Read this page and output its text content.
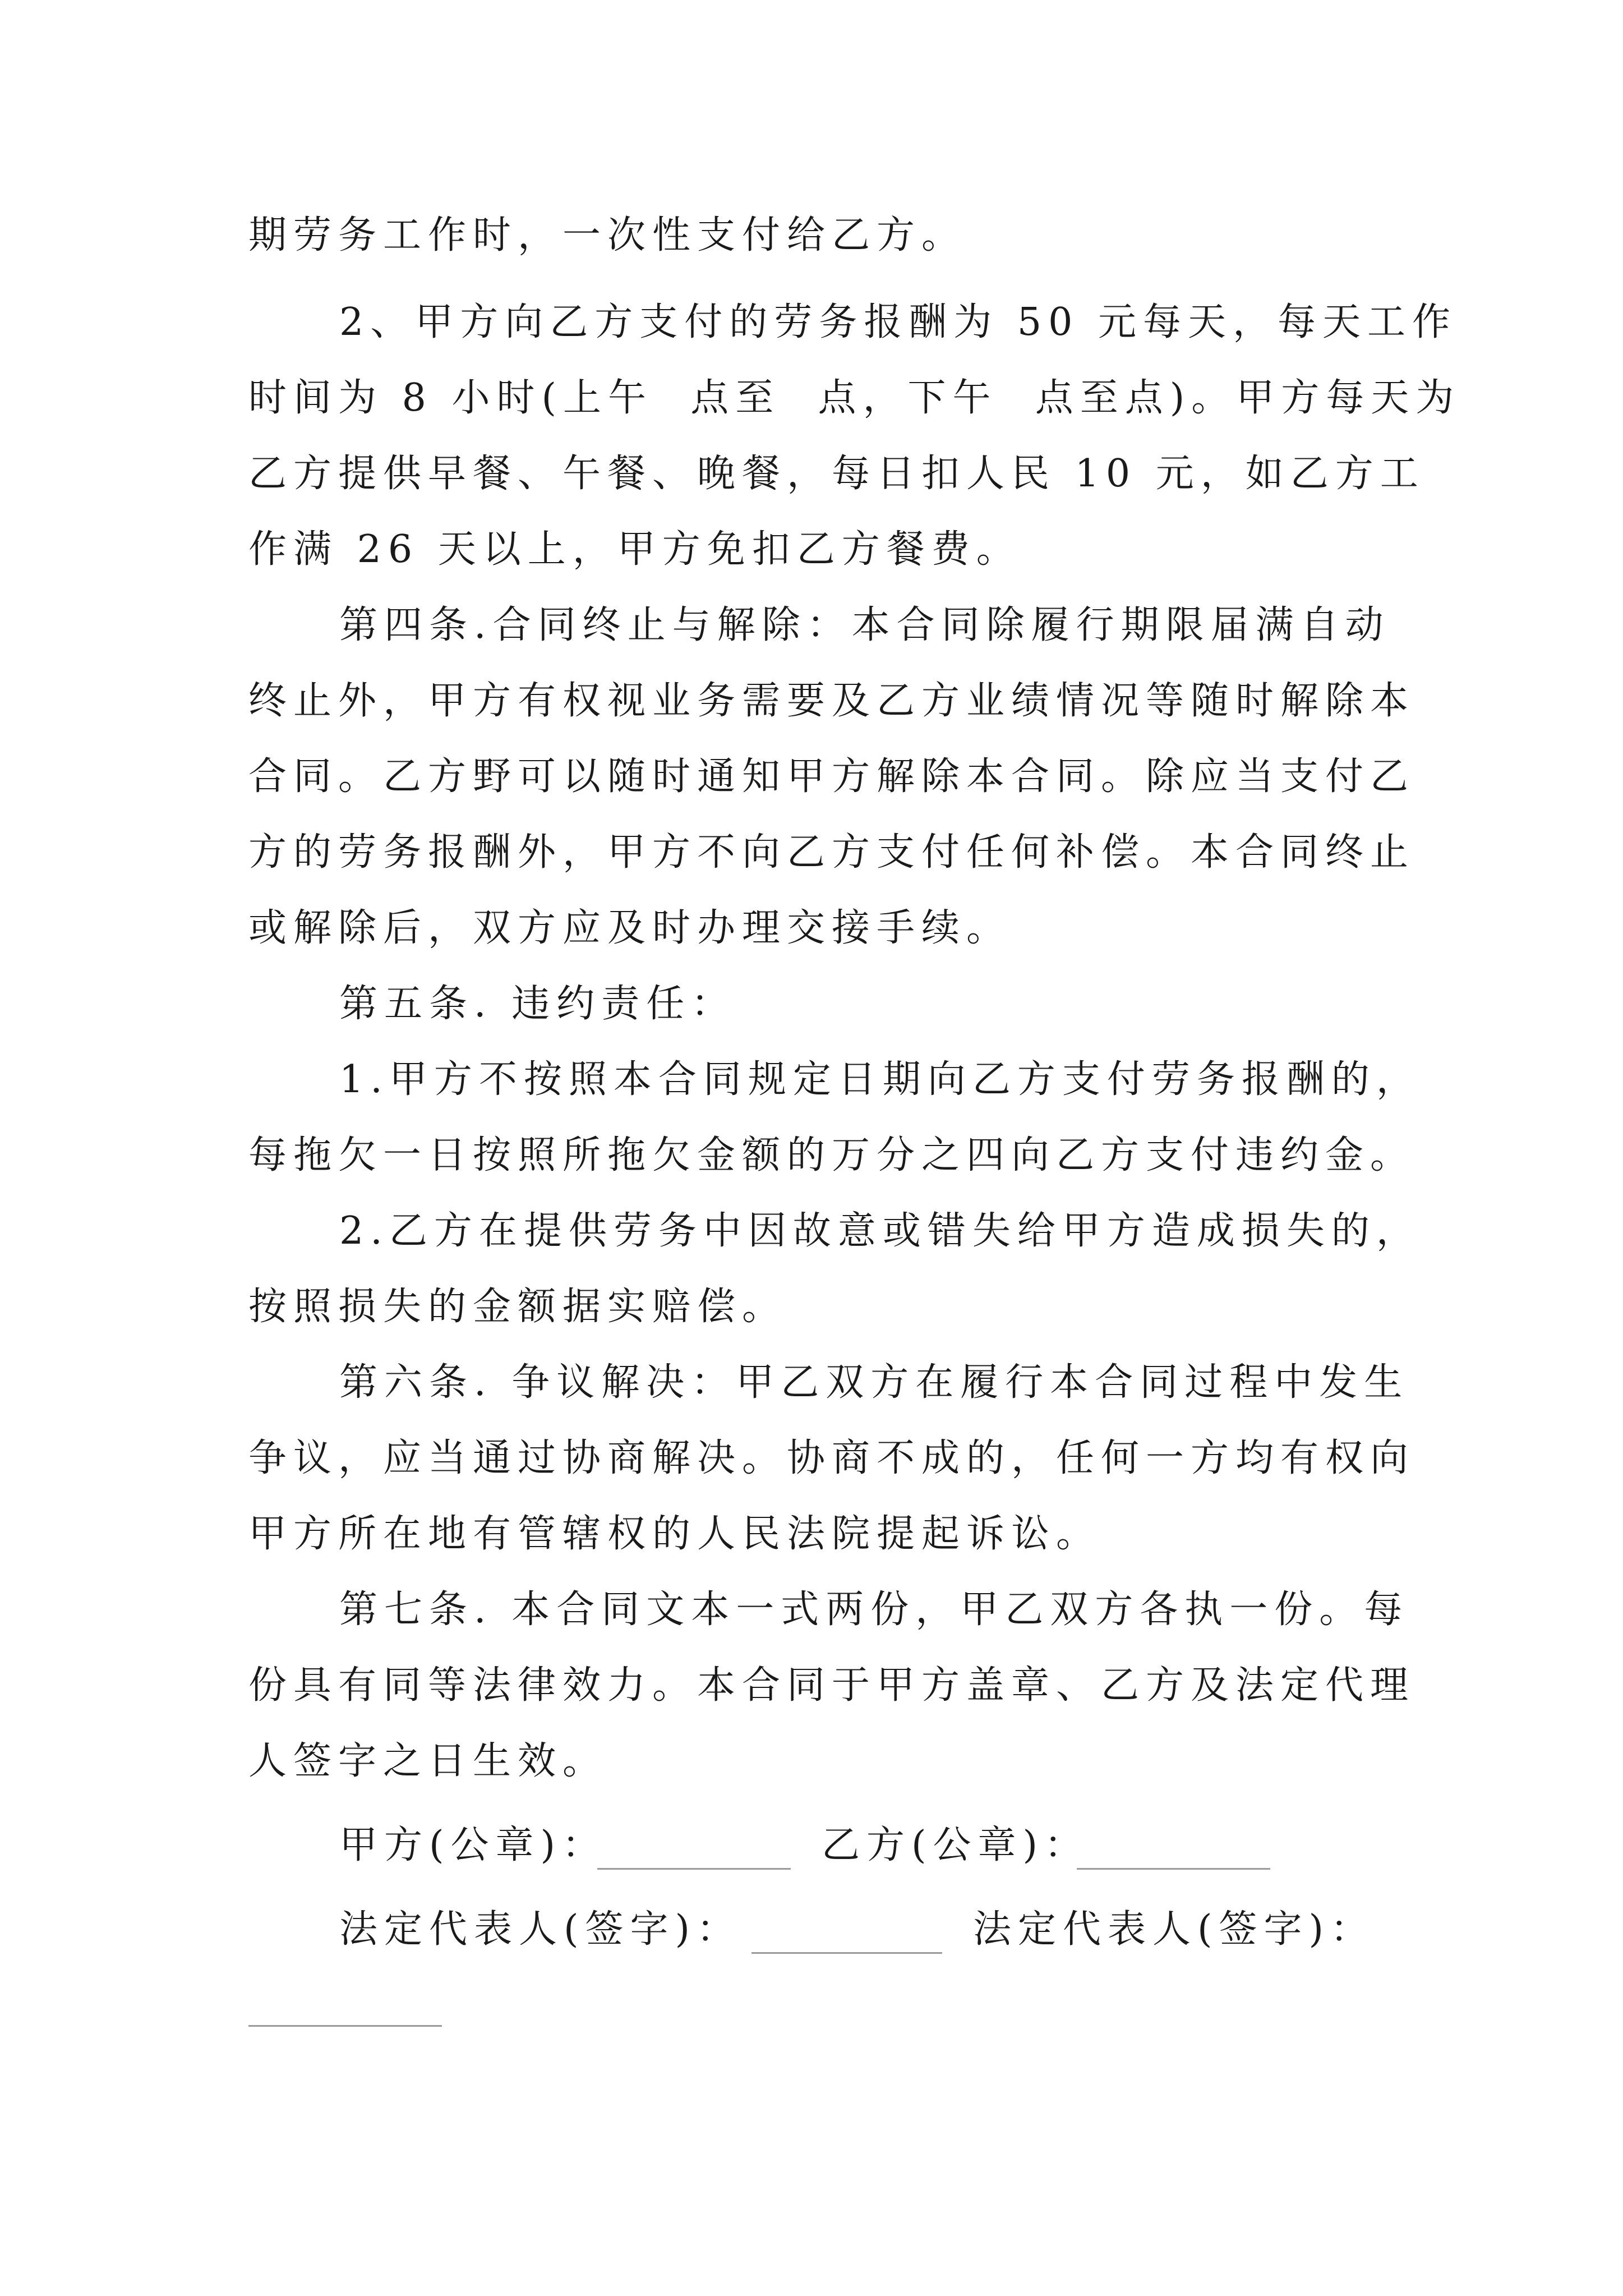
期劳务工作时，一次性支付给乙方。
2、甲方向乙方支付的劳务报酬为 50 元每天，每天工作
时间为 8 小时(上午  点至  点，下午  点至点)。甲方每天为
乙方提供早餐、午餐、晚餐，每日扣人民 10 元，如乙方工
作满 26 天以上，甲方免扣乙方餐费。
第四条.合同终止与解除：本合同除履行期限届满自动
终止外，甲方有权视业务需要及乙方业绩情况等随时解除本
合同。乙方野可以随时通知甲方解除本合同。除应当支付乙
方的劳务报酬外，甲方不向乙方支付任何补偿。本合同终止
或解除后，双方应及时办理交接手续。
第五条. 违约责任：
1.甲方不按照本合同规定日期向乙方支付劳务报酬的，
每拖欠一日按照所拖欠金额的万分之四向乙方支付违约金。
2.乙方在提供劳务中因故意或错失给甲方造成损失的，
按照损失的金额据实赔偿。
第六条. 争议解决：甲乙双方在履行本合同过程中发生
争议，应当通过协商解决。协商不成的，任何一方均有权向
甲方所在地有管辖权的人民法院提起诉讼。
第七条. 本合同文本一式两份，甲乙双方各执一份。每
份具有同等法律效力。本合同于甲方盖章、乙方及法定代理
人签字之日生效。
甲方(公章)：	乙方(公章)：
法定代表人(签字)：	法定代表人(签字)：
